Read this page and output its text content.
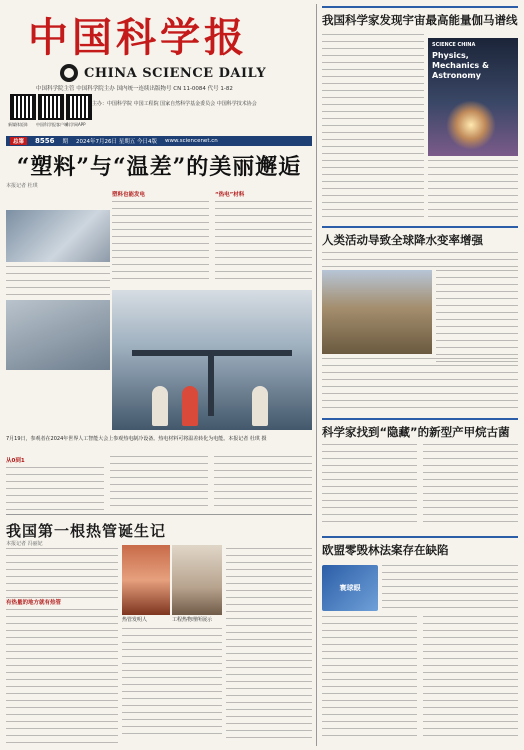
中国科学报
CHINA SCIENCE DAILY
中国科学院主管 中国科学院主办 国内统一连续出版物号 CN 11-0084 代号 1-82
新媒体矩阵 中国科学报客户端
科学网APP
主办：中国科学院 中国工程院 国家自然科学基金委员会 中国科学技术协会
总第	8556 期 2024年7月26日 星期五 今日4版 www.sciencenet.cn
“塑料”与“温差”的美丽邂逅
本报记者 杜琪
塑料也能发电	“热电”材料
7月19日，参观者在2024年世界人工智能大会上参观热电制冷设备。热电材料可将温差转化为电能。本报记者 杜琪 摄
从0到1
我国第一根热管诞生记
本报记者 冯丽妃
有热量的地方就有热管
热管发明人	工程热物理所展示
我国科学家发现宇宙最高能量伽马谱线
SCIENCE CHINA
Physics, Mechanics & Astronomy
人类活动导致全球降水变率增强
科学家找到“隐藏”的新型产甲烷古菌
欧盟零毁林法案存在缺陷
寰球眼
